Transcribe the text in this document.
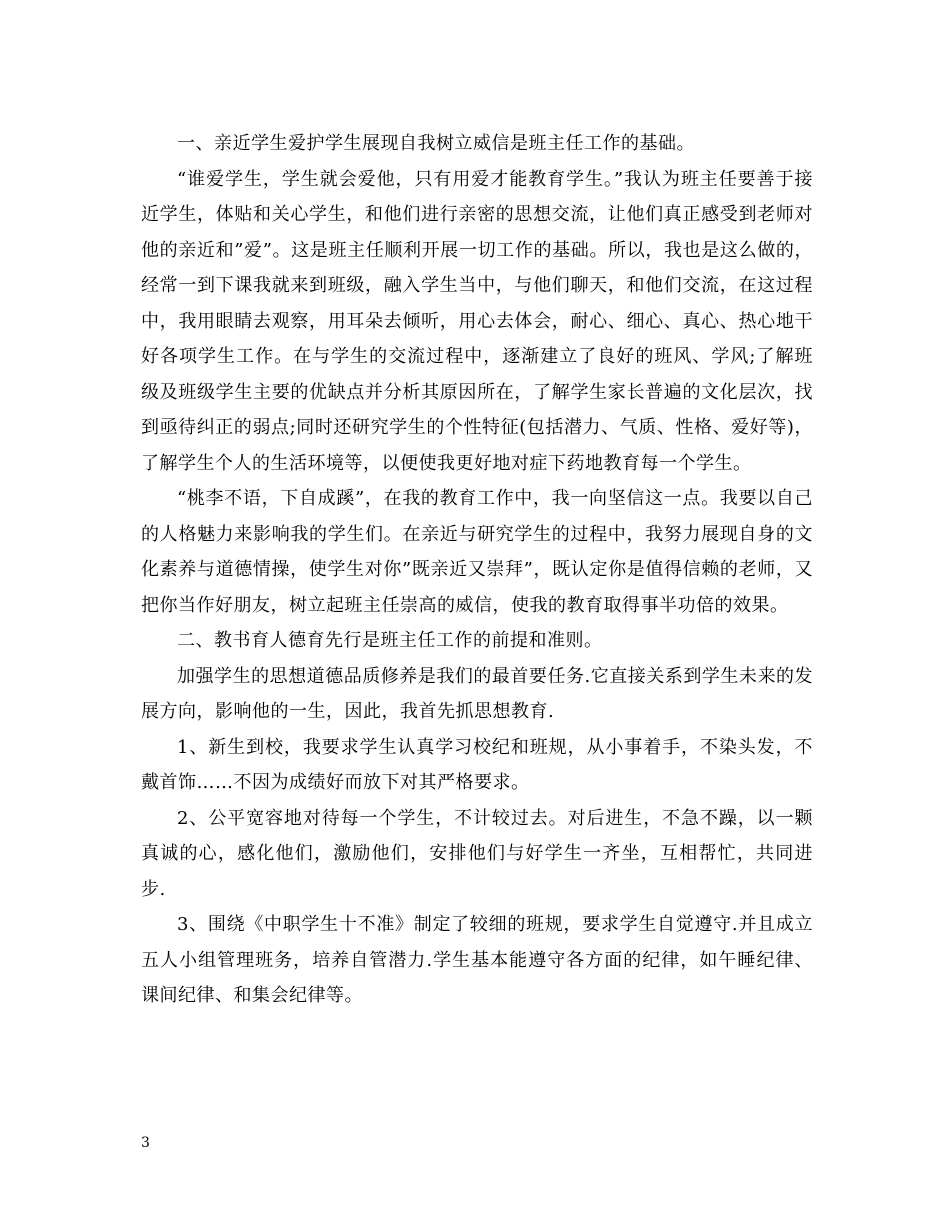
一、亲近学生爱护学生展现自我树立威信是班主任工作的基础。

“谁爱学生，学生就会爱他，只有用爱才能教育学生。”我认为班主任要善于接近学生，体贴和关心学生，和他们进行亲密的思想交流，让他们真正感受到老师对他的亲近和”爱”。这是班主任顺利开展一切工作的基础。所以，我也是这么做的，经常一到下课我就来到班级，融入学生当中，与他们聊天，和他们交流，在这过程中，我用眼睛去观察，用耳朵去倾听，用心去体会，耐心、细心、真心、热心地干好各项学生工作。在与学生的交流过程中，逐渐建立了良好的班风、学风;了解班级及班级学生主要的优缺点并分析其原因所在，了解学生家长普遍的文化层次，找到亟待纠正的弱点;同时还研究学生的个性特征(包括潜力、气质、性格、爱好等)，了解学生个人的生活环境等，以便使我更好地对症下药地教育每一个学生。

“桃李不语，下自成蹊”，在我的教育工作中，我一向坚信这一点。我要以自己的人格魅力来影响我的学生们。在亲近与研究学生的过程中，我努力展现自身的文化素养与道德情操，使学生对你”既亲近又崇拜”，既认定你是值得信赖的老师，又把你当作好朋友，树立起班主任崇高的威信，使我的教育取得事半功倍的效果。

二、教书育人德育先行是班主任工作的前提和准则。

加强学生的思想道德品质修养是我们的最首要任务.它直接关系到学生未来的发展方向，影响他的一生，因此，我首先抓思想教育.

1、新生到校，我要求学生认真学习校纪和班规，从小事着手，不染头发，不戴首饰……不因为成绩好而放下对其严格要求。

2、公平宽容地对待每一个学生，不计较过去。对后进生，不急不躁，以一颗真诚的心，感化他们，激励他们，安排他们与好学生一齐坐，互相帮忙，共同进步.

3、围绕《中职学生十不准》制定了较细的班规，要求学生自觉遵守.并且成立五人小组管理班务，培养自管潜力.学生基本能遵守各方面的纪律，如午睡纪律、课间纪律、和集会纪律等。

3
